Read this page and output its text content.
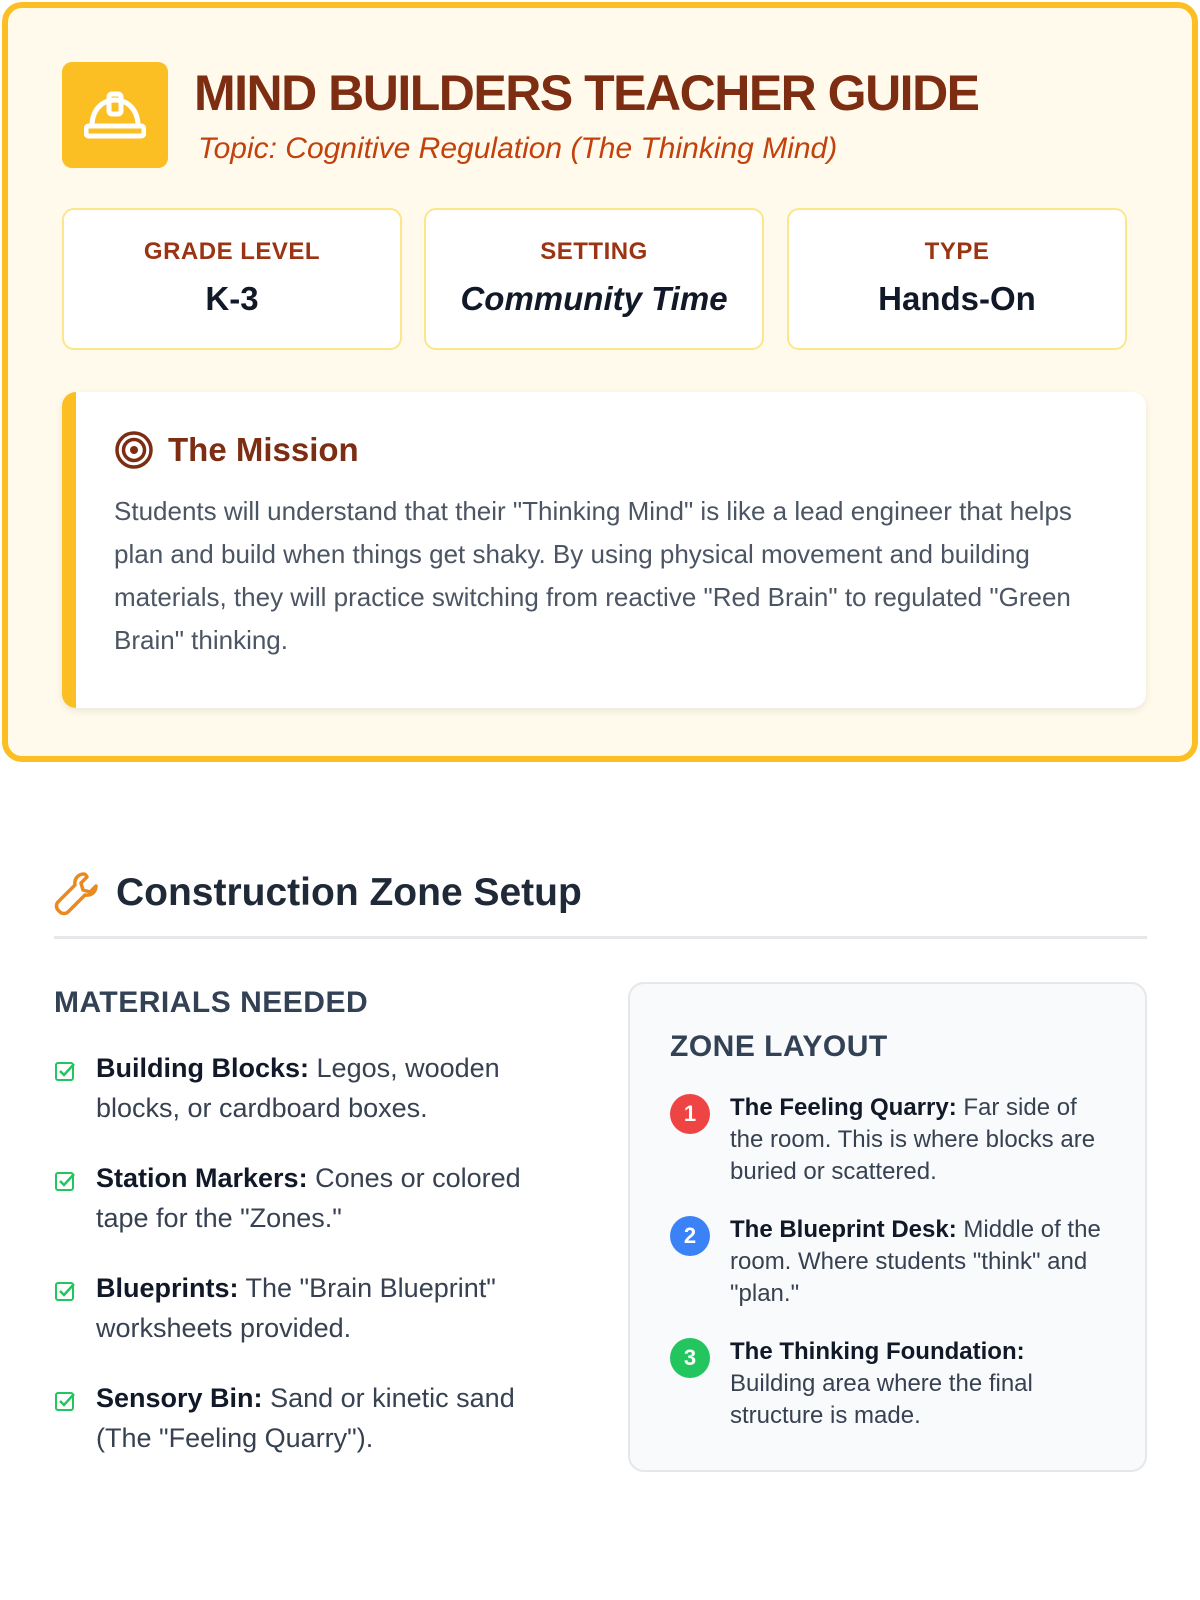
MIND BUILDERS TEACHER GUIDE
Topic: Cognitive Regulation (The Thinking Mind)
GRADE LEVEL
K-3
SETTING
Community Time
TYPE
Hands-On
The Mission
Students will understand that their "Thinking Mind" is like a lead engineer that helps plan and build when things get shaky. By using physical movement and building materials, they will practice switching from reactive "Red Brain" to regulated "Green Brain" thinking.
Construction Zone Setup
MATERIALS NEEDED
Building Blocks: Legos, wooden blocks, or cardboard boxes.
Station Markers: Cones or colored tape for the "Zones."
Blueprints: The "Brain Blueprint" worksheets provided.
Sensory Bin: Sand or kinetic sand (The "Feeling Quarry").
ZONE LAYOUT
1	The Feeling Quarry: Far side of the room. This is where blocks are buried or scattered.
2	The Blueprint Desk: Middle of the room. Where students "think" and "plan."
3	The Thinking Foundation: Building area where the final structure is made.
